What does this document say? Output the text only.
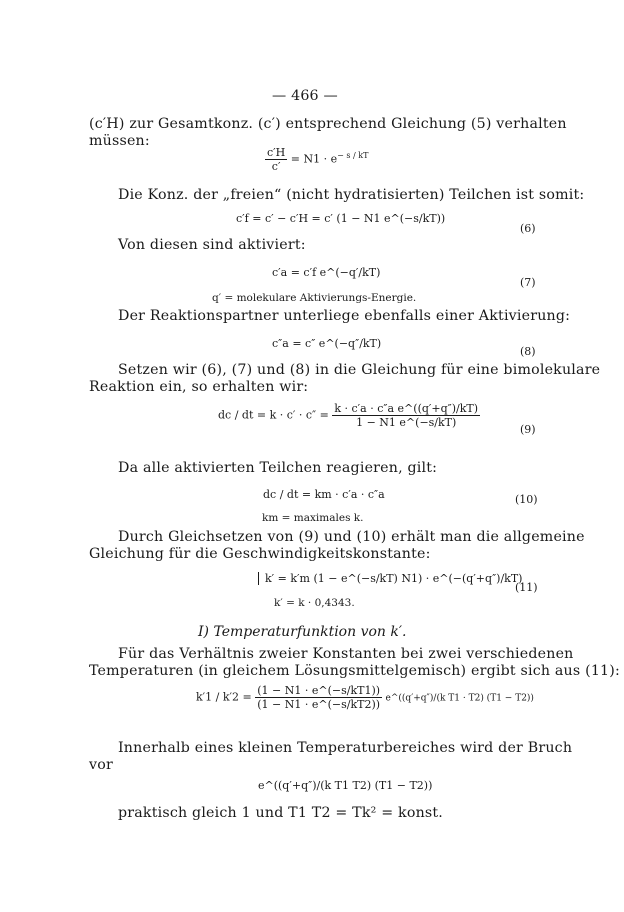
— 466 —
(c′H) zur Gesamtkonz. (c′) entsprechend Gleichung (5) verhalten
müssen:
$\frac{c'H}{c'} = N1 \cdot e^{- s / kT}$
Die Konz. der „freien“ (nicht hydratisierten) Teilchen ist somit:
c′f = c′ − c′H = c′ (1 − N1 e^(−s/kT))
(6)
Von diesen sind aktiviert:
c′a = c′f e^(−q′/kT)
(7)
q′ = molekulare Aktivierungs-Energie.
Der Reaktionspartner unterliege ebenfalls einer Aktivierung:
c″a = c″ e^(−q″/kT)
(8)
Setzen wir (6), (7) und (8) in die Gleichung für eine bimolekulare
Reaktion ein, so erhalten wir:
dc / dt = $k \cdot c' \cdot c'' = \frac{\text{k · c′a · c″a e\textasciicircum{}((q′+q″)/kT)}}{1 - N1 e\^{}(-s/kT)}$
(9)
Da alle aktivierten Teilchen reagieren, gilt:
dc / dt = km · c′a · c″a	(10)
km = maximales k.
Durch Gleichsetzen von (9) und (10) erhält man die allgemeine
Gleichung für die Geschwindigkeitskonstante:
k′ = k′m (1 − e^(−s/kT) N1) · e^(−(q′+q″)/kT)
(11)
k′ = k · 0,4343.
I) Temperaturfunktion von k′.
Für das Verhältnis zweier Konstanten bei zwei verschiedenen
Temperaturen (in gleichem Lösungsmittelgemisch) ergibt sich aus (11):
$k'1 / k'2 = \frac{(1 - N1 \cdot e\^{}(-s/kT1))}{(1 - N1 \cdot e\^{}(-s/kT2))}$ e^((q′+q″)/(k T1 · T2) (T1 − T2))
Innerhalb eines kleinen Temperaturbereiches wird der Bruch
vor
e^((q′+q″)/(k T1 T2) (T1 − T2))
praktisch gleich 1 und T1 T2 = Tk² = konst.
